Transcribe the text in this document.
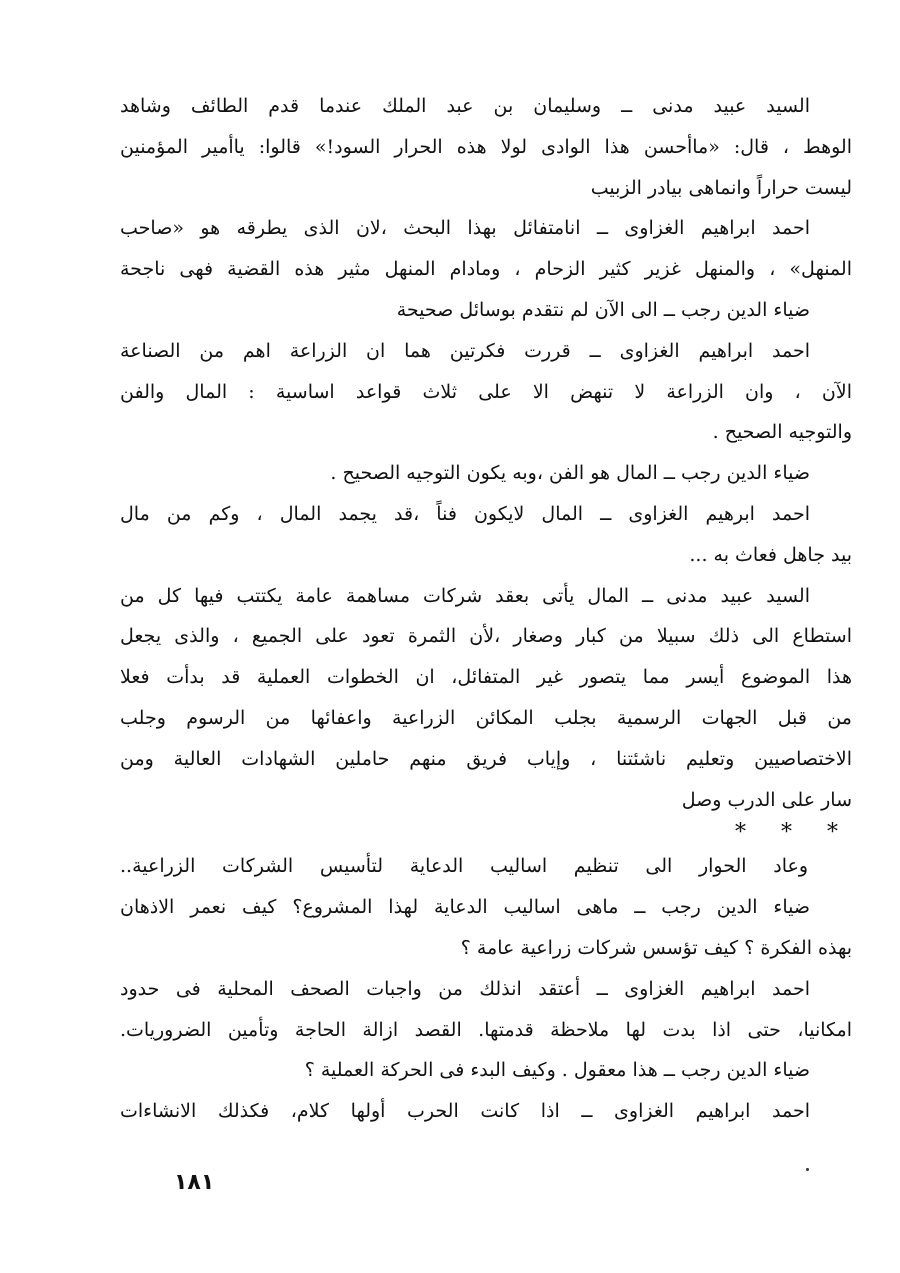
السيد عبيد مدنى ــ وسليمان بن عبد الملك عندما قدم الطائف وشاهد
الوهط ، قال: «ماأحسن هذا الوادى لولا هذه الحرار السود!» قالوا: ياأمير المؤمنين
ليست حراراً وانماهى بيادر الزبيب
احمد ابراهيم الغزاوى ــ انامتفائل بهذا البحث ،لان الذى يطرقه هو «صاحب
المنهل» ، والمنهل غزير كثير الزحام ، ومادام المنهل مثير هذه القضية فهى ناجحة
ضياء الدين رجب ــ الى الآن لم نتقدم بوسائل صحيحة
احمد ابراهيم الغزاوى ــ قررت فكرتين هما ان الزراعة اهم من الصناعة
الآن ، وان الزراعة لا تنهض الا على ثلاث قواعد اساسية : المال والفن
والتوجيه الصحيح .
ضياء الدين رجب ــ المال هو الفن ،وبه يكون التوجيه الصحيح .
احمد ابرهيم الغزاوى ــ المال لايكون فناً ،قد يجمد المال ، وكم من مال
بيد جاهل فعاث به ...
السيد عبيد مدنى ــ المال يأتى بعقد شركات مساهمة عامة يكتتب فيها كل من
استطاع الى ذلك سبيلا من كبار وصغار ،لأن الثمرة تعود على الجميع ، والذى يجعل
هذا الموضوع أيسر مما يتصور غير المتفائل، ان الخطوات العملية قد بدأت فعلا
من قبل الجهات الرسمية بجلب المكائن الزراعية واعفائها من الرسوم وجلب
الاختصاصيين وتعليم ناشئتنا ، وإياب فريق منهم حاملين الشهادات العالية ومن
سار على الدرب وصل
* * *
وعاد الحوار الى تنظيم اساليب الدعاية لتأسيس الشركات الزراعية..
ضياء الدين رجب ــ ماهى اساليب الدعاية لهذا المشروع؟ كيف نعمر الاذهان
بهذه الفكرة ؟ كيف تؤسس شركات زراعية عامة ؟
احمد ابراهيم الغزاوى ــ أعتقد انذلك من واجبات الصحف المحلية فى حدود
امكانيا، حتى اذا بدت لها ملاحظة قدمتها. القصد ازالة الحاجة وتأمين الضروريات.
ضياء الدين رجب ــ هذا معقول . وكيف البدء فى الحركة العملية ؟
احمد ابراهيم الغزاوى ــ اذا كانت الحرب أولها كلام، فكذلك الانشاءات
١٨١
